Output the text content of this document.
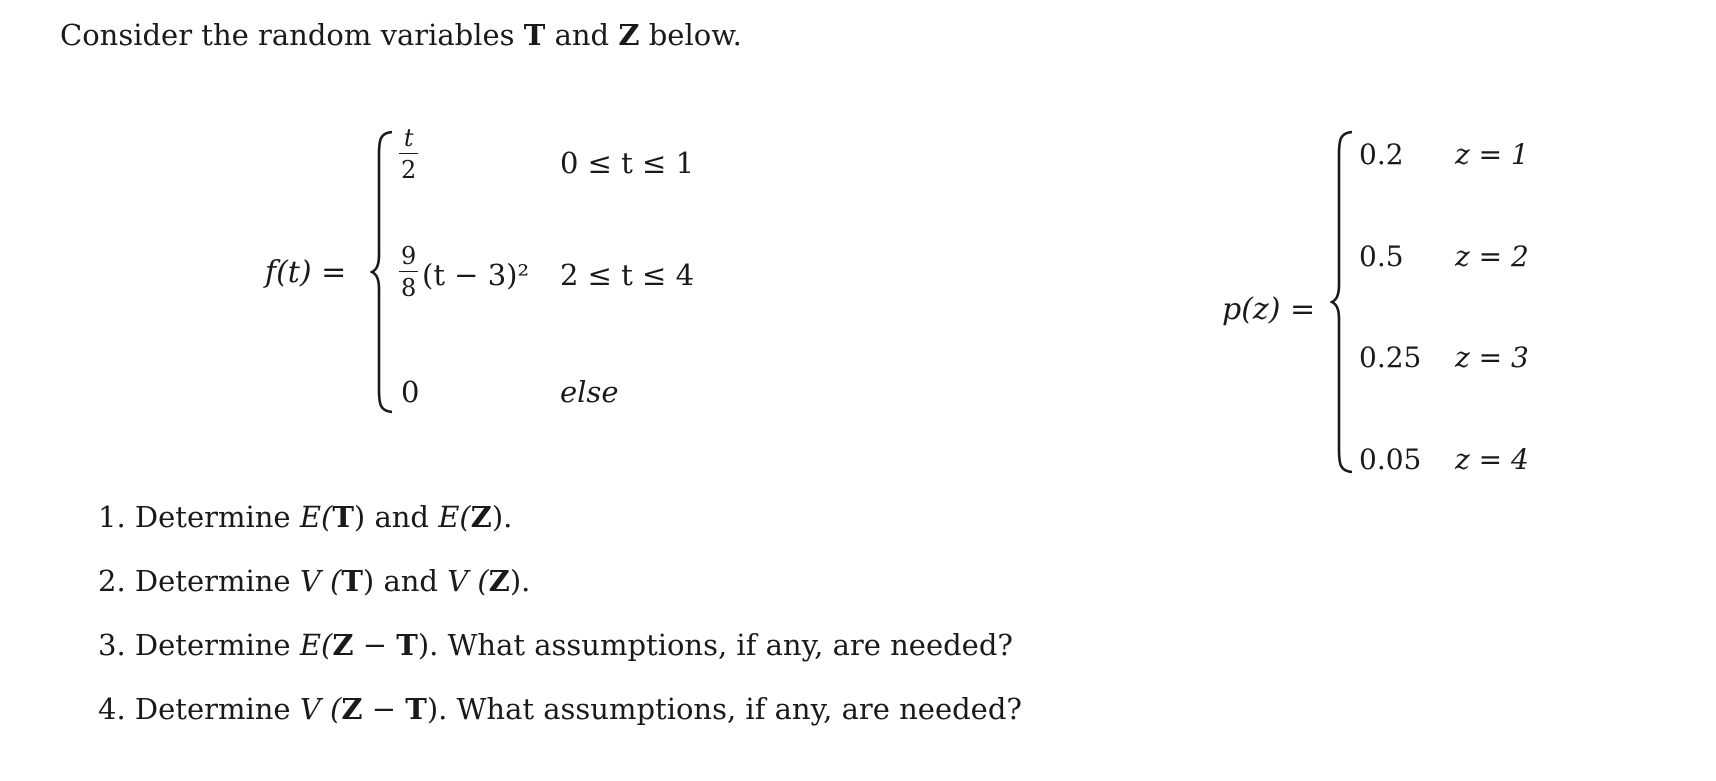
Consider the random variables T and Z below.
f(t) =
t
2	0 ≤ t ≤ 1
9
8 (t − 3)² 2 ≤ t ≤ 4
0	else
p(z) =
0.2 z = 1
0.5 z = 2
0.25 z = 3
0.05 z = 4
1. Determine E(T) and E(Z).
2. Determine V (T) and V (Z).
3. Determine E(Z − T). What assumptions, if any, are needed?
4. Determine V (Z − T). What assumptions, if any, are needed?
